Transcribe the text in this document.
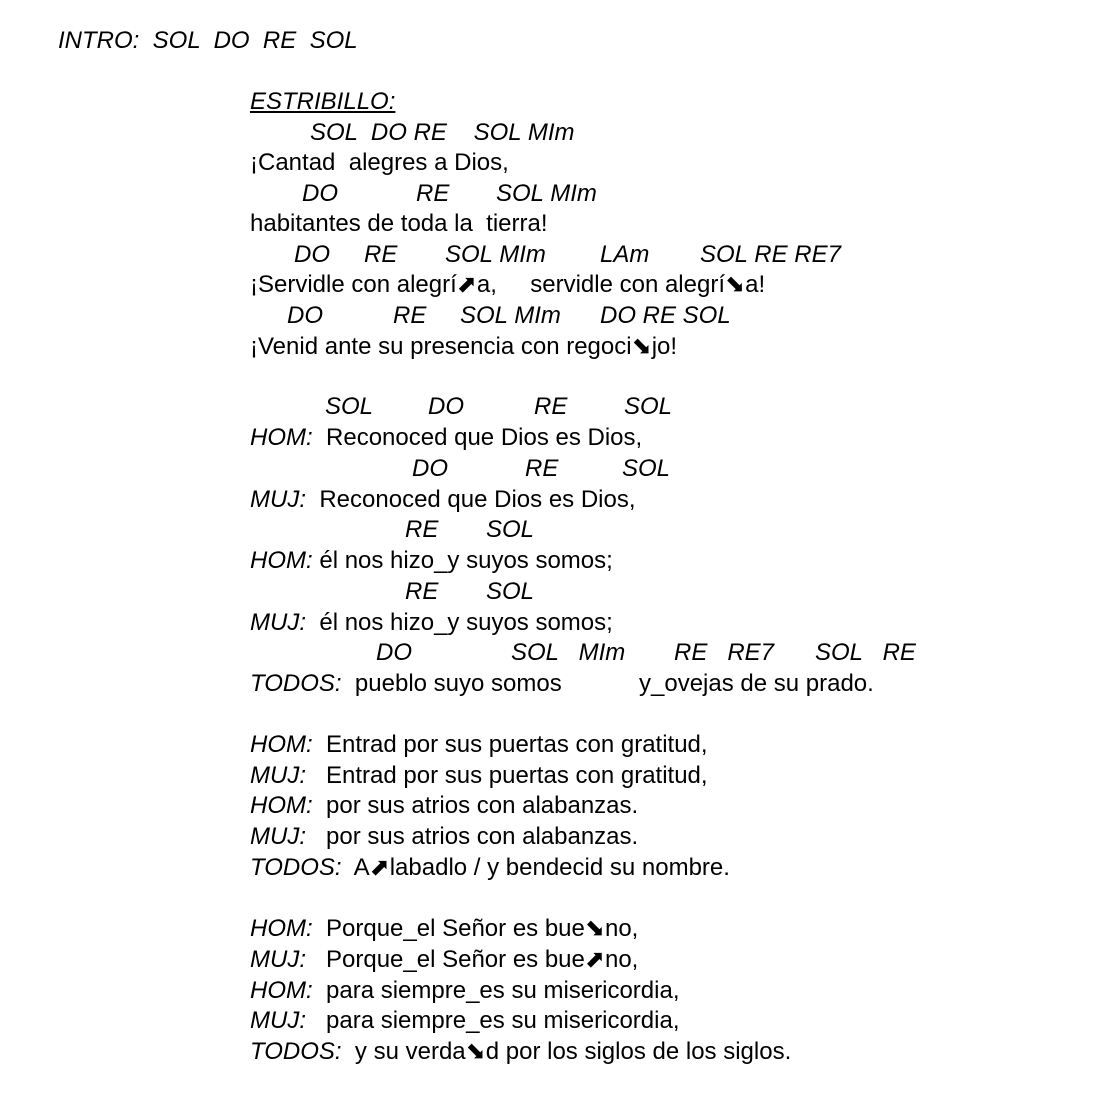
INTRO:  SOL  DO  RE  SOL
ESTRIBILLO:
SOL  DO RE    SOL MIm
¡Cantad  alegres a Dios,
DO	RE SOL MIm
habitantes de toda la  tierra!
DO RE SOL MIm LAm SOL RE RE7
¡Servidle con alegrí⬈a,     servidle con alegrí⬊a!
DO	RE SOL MIm DO RE SOL
¡Venid ante su presencia con regoci⬊jo!
SOL DO	RE SOL
HOM: Reconoced que Dios es Dios,
DO	RE	SOL
MUJ: Reconoced que Dios es Dios,
RE SOL
HOM: él nos hizo_y suyos somos;
RE SOL
MUJ: él nos hizo_y suyos somos;
DO	SOL   MIm RE   RE7 SOL   RE
TODOS: pueblo suyo somos	y_ovejas de su prado.
HOM: Entrad por sus puertas con gratitud,
MUJ: Entrad por sus puertas con gratitud,
HOM: por sus atrios con alabanzas.
MUJ: por sus atrios con alabanzas.
TODOS: A⬈labadlo / y bendecid su nombre.
HOM: Porque_el Señor es bue⬊no,
MUJ: Porque_el Señor es bue⬈no,
HOM: para siempre_es su misericordia,
MUJ: para siempre_es su misericordia,
TODOS: y su verda⬊d por los siglos de los siglos.
